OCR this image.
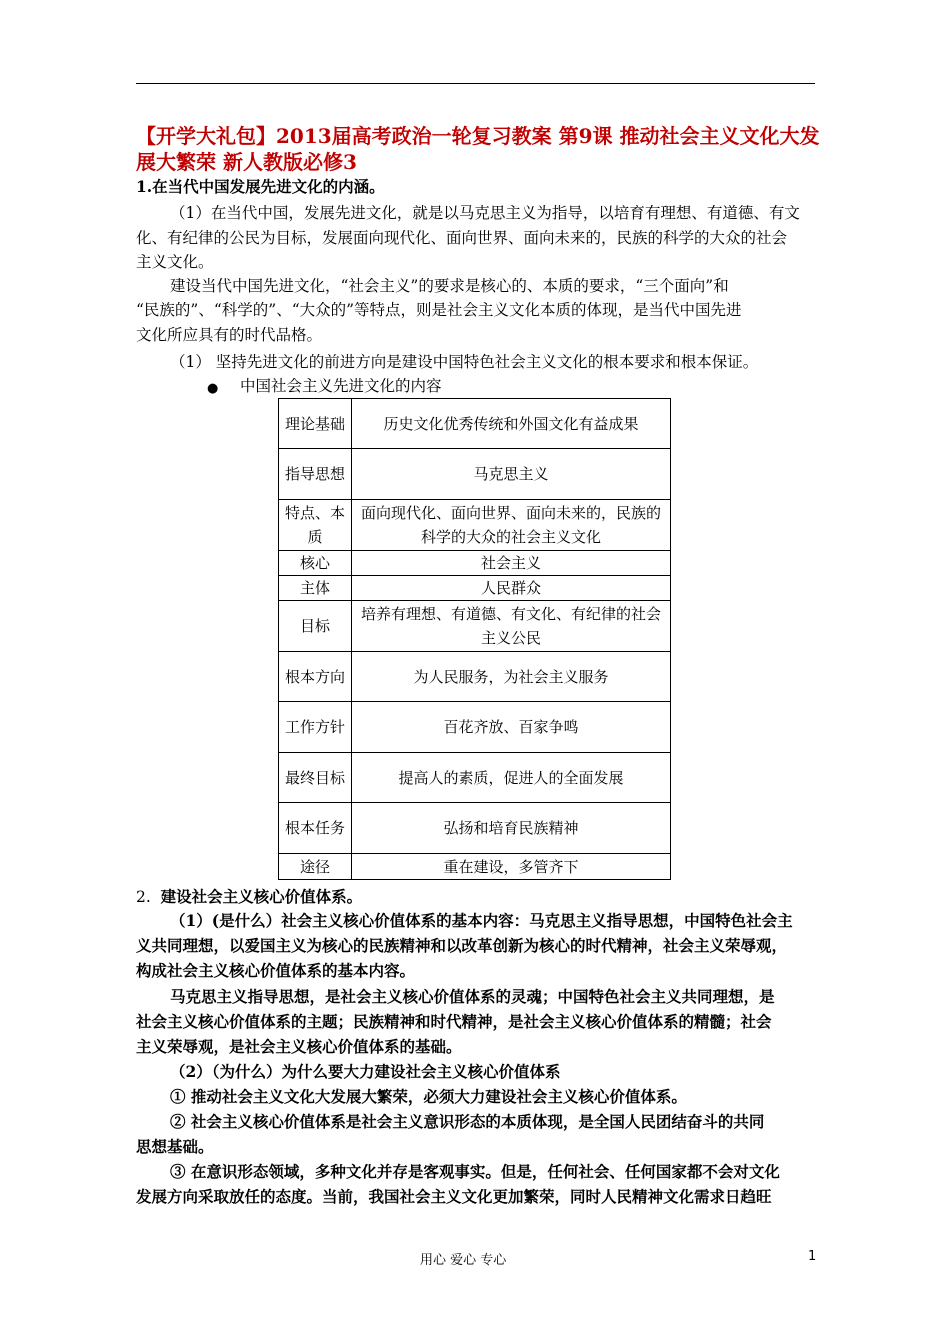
【开学大礼包】2013届高考政治一轮复习教案 第9课 推动社会主义文化大发展大繁荣 新人教版必修3
1.在当代中国发展先进文化的内涵。
（1）在当代中国，发展先进文化，就是以马克思主义为指导，以培育有理想、有道德、有文
化、有纪律的公民为目标，发展面向现代化、面向世界、面向未来的，民族的科学的大众的社会
主义文化。
建设当代中国先进文化，“社会主义”的要求是核心的、本质的要求，“三个面向”和
“民族的”、“科学的”、“大众的”等特点，则是社会主义文化本质的体现，是当代中国先进
文化所应具有的时代品格。
（1） 坚持先进文化的前进方向是建设中国特色社会主义文化的根本要求和根本保证。
● 中国社会主义先进文化的内容
理论基础	历史文化优秀传统和外国文化有益成果
指导思想	马克思主义
特点、本质	面向现代化、面向世界、面向未来的，民族的科学的大众的社会主义文化
核心	社会主义
主体	人民群众
目标	培养有理想、有道德、有文化、有纪律的社会主义公民
根本方向	为人民服务，为社会主义服务
工作方针	百花齐放、百家争鸣
最终目标	提高人的素质，促进人的全面发展
根本任务	弘扬和培育民族精神
途径	重在建设，多管齐下
2.  建设社会主义核心价值体系。
（1）(是什么）社会主义核心价值体系的基本内容：马克思主义指导思想，中国特色社会主
义共同理想，以爱国主义为核心的民族精神和以改革创新为核心的时代精神，社会主义荣辱观，
构成社会主义核心价值体系的基本内容。
马克思主义指导思想，是社会主义核心价值体系的灵魂；中国特色社会主义共同理想，是
社会主义核心价值体系的主题；民族精神和时代精神，是社会主义核心价值体系的精髓；社会
主义荣辱观，是社会主义核心价值体系的基础。
（2）（为什么）为什么要大力建设社会主义核心价值体系
① 推动社会主义文化大发展大繁荣，必须大力建设社会主义核心价值体系。
② 社会主义核心价值体系是社会主义意识形态的本质体现，是全国人民团结奋斗的共同
思想基础。
③ 在意识形态领域，多种文化并存是客观事实。但是，任何社会、任何国家都不会对文化
发展方向采取放任的态度。当前，我国社会主义文化更加繁荣，同时人民精神文化需求日趋旺
用心 爱心 专心	1
